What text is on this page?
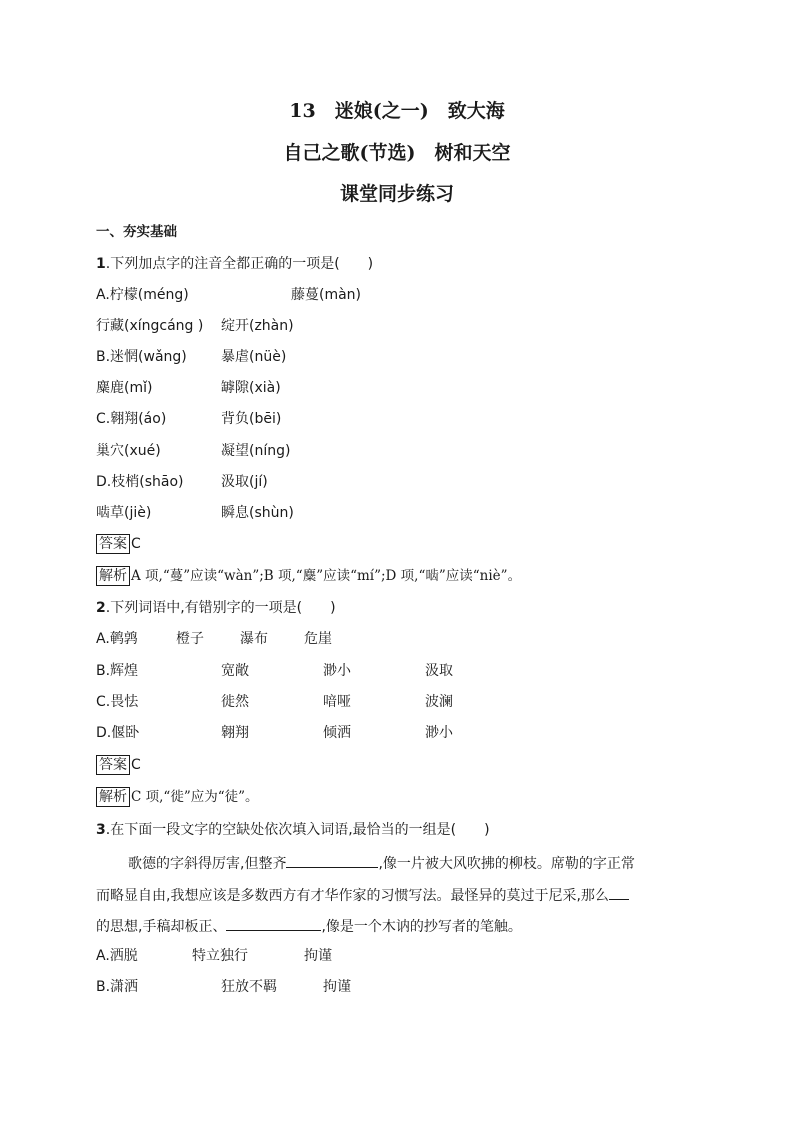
13　迷娘(之一)　致大海
自己之歌(节选)　树和天空
课堂同步练习
一、夯实基础
1.下列加点字的注音全都正确的一项是(　　)
A.柠檬(méng)	藤蔓(màn)
行藏(xíngcáng ) 绽开(zhàn)
B.迷惘(wǎng) 暴虐(nüè)
麋鹿(mǐ)	罅隙(xià)
C.翱翔(áo)	背负(bēi)
巢穴(xué)	凝望(níng)
D.枝梢(shāo)	汲取(jí)
啮草(jiè)	瞬息(shùn)
答案 C
解析 A 项,“蔓”应读“wàn”;B 项,“麋”应读“mí”;D 项,“啮”应读“niè”。
2.下列词语中,有错别字的一项是(　　)
A.鹌鹑	橙子	瀑布	危崖
B.辉煌	宽敞	渺小	汲取
C.畏怯	徙然	喑哑	波澜
D.偃卧	翱翔	倾洒	渺小
答案 C
解析 C 项,“徙”应为“徒”。
3.在下面一段文字的空缺处依次填入词语,最恰当的一组是(　　)
歌德的字斜得厉害,但整齐	,像一片被大风吹拂的柳枝。席勒的字正常
而略显自由,我想应该是多数西方有才华作家的习惯写法。最怪异的莫过于尼采,那么
的思想,手稿却板正、	,像是一个木讷的抄写者的笔触。
A.洒脱	特立独行	拘谨
B.潇洒	狂放不羁	拘谨
